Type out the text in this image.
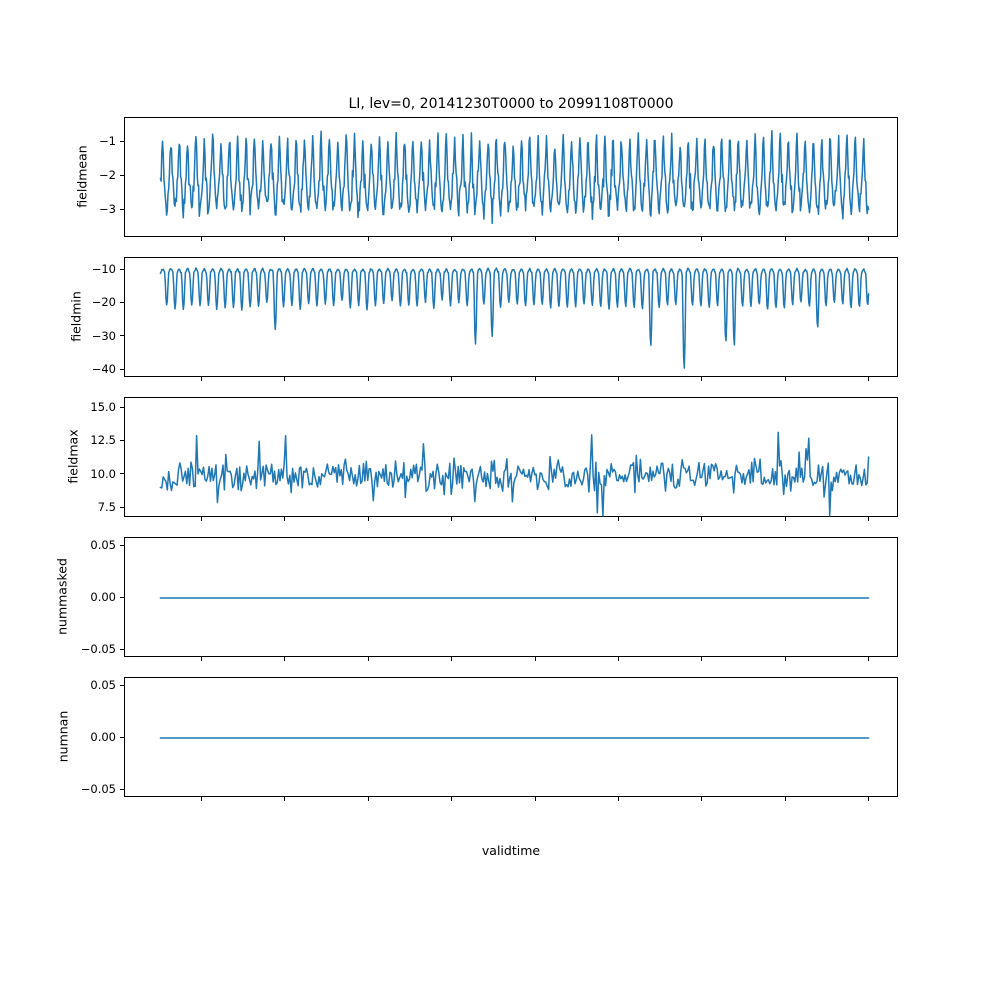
LI, lev=0, 20141230T0000 to 20991108T0000
−1
−2
−3
fieldmean
−10
−20
−30
−40
fieldmin
15.0
12.5
10.0
7.5
fieldmax
0.05
0.00
−0.05
nummasked
0.05
0.00
−0.05
numnan
validtime
